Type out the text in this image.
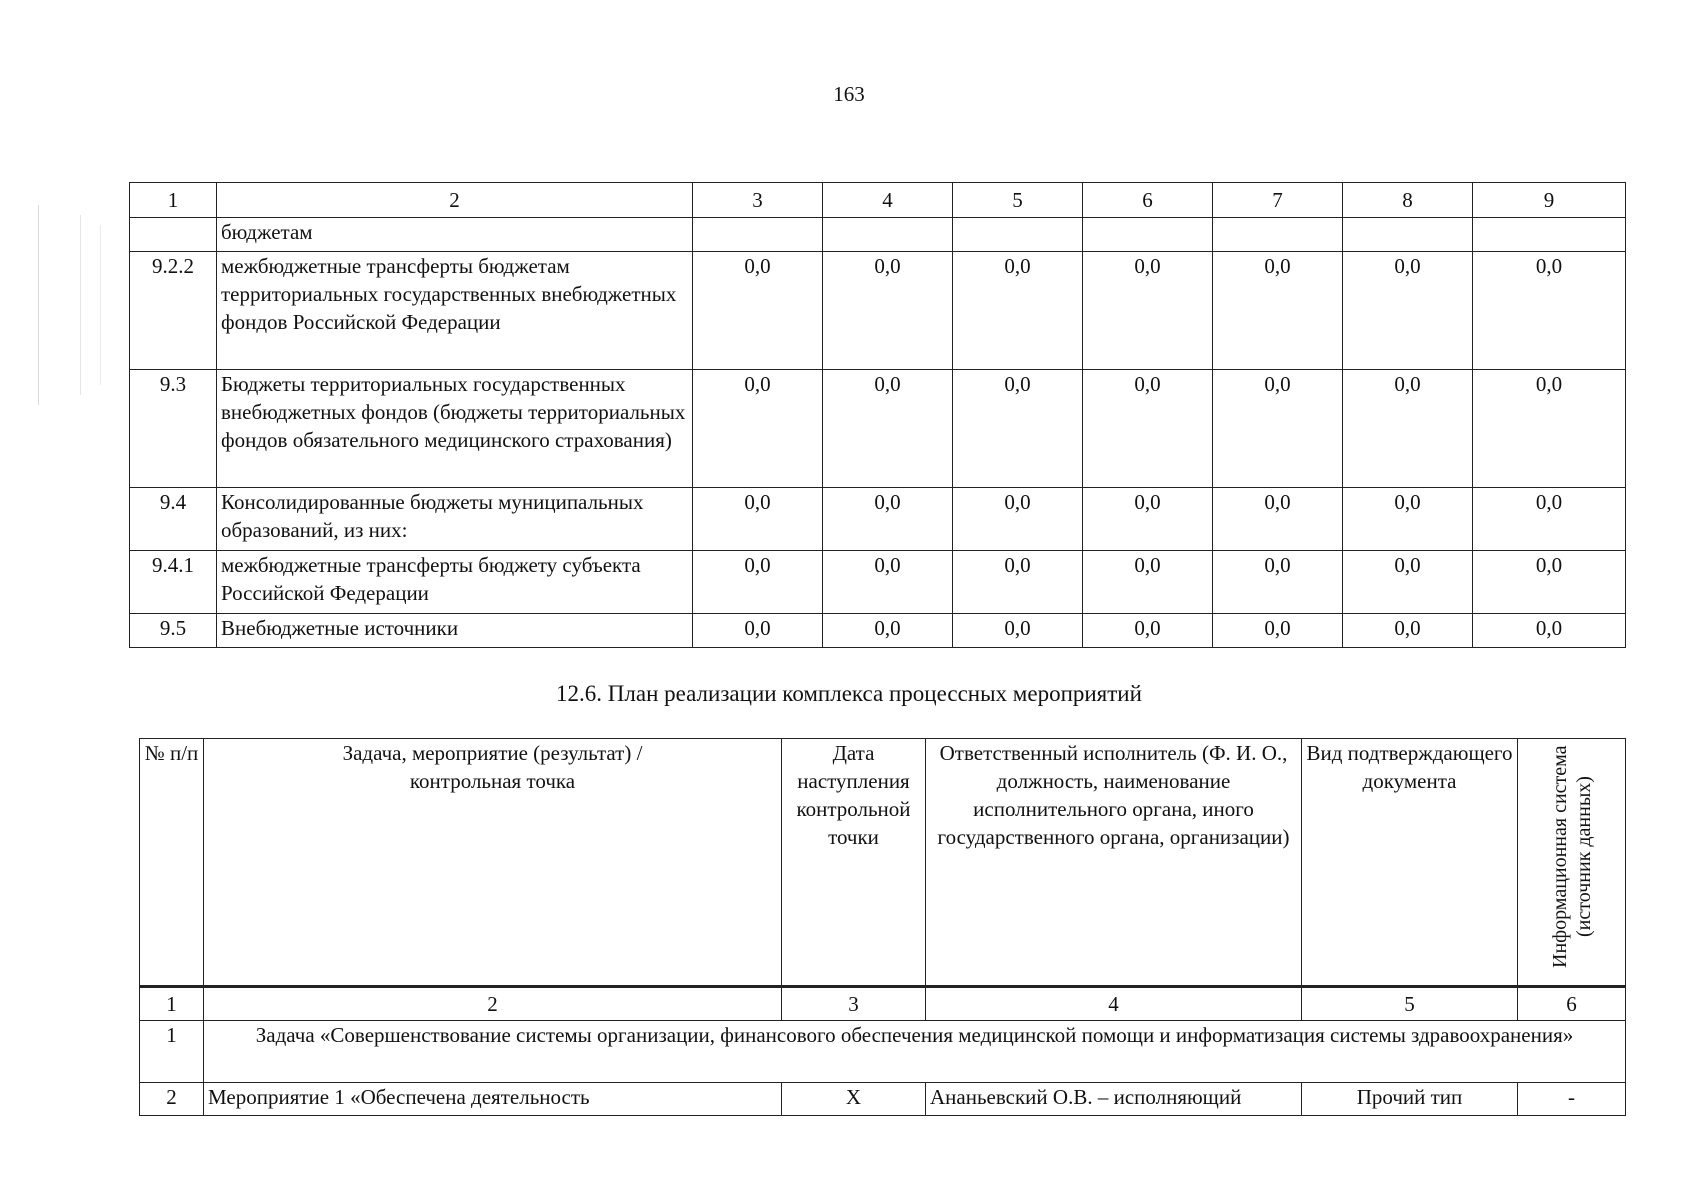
163
1	2	3	4	5	6	7	8	9
	бюджетам							
9.2.2	межбюджетные трансферты бюджетам территориальных государственных внебюджетных фондов Российской Федерации	0,0	0,0	0,0	0,0	0,0	0,0	0,0
9.3	Бюджеты территориальных государственных внебюджетных фондов (бюджеты территориальных фондов обязательного медицинского страхования)	0,0	0,0	0,0	0,0	0,0	0,0	0,0
9.4	Консолидированные бюджеты муниципальных образований, из них:	0,0	0,0	0,0	0,0	0,0	0,0	0,0
9.4.1	межбюджетные трансферты бюджету субъекта Российской Федерации	0,0	0,0	0,0	0,0	0,0	0,0	0,0
9.5	Внебюджетные источники	0,0	0,0	0,0	0,0	0,0	0,0	0,0
12.6. План реализации комплекса процессных мероприятий
№ п/п	Задача, мероприятие (результат) / контрольная точка	Дата наступления контрольной точки	Ответственный исполнитель (Ф. И. О., должность, наименование исполнительного органа, иного государственного органа, организации)	Вид подтверждающего документа	Информационная система (источник данных)

1	2	3	4	5	6
1	Задача «Совершенствование системы организации, финансового обеспечения медицинской помощи и информатизация системы здравоохранения»				
2	Мероприятие 1 «Обеспечена деятельность	X	Ананьевский О.В. – исполняющий	Прочий тип	-
